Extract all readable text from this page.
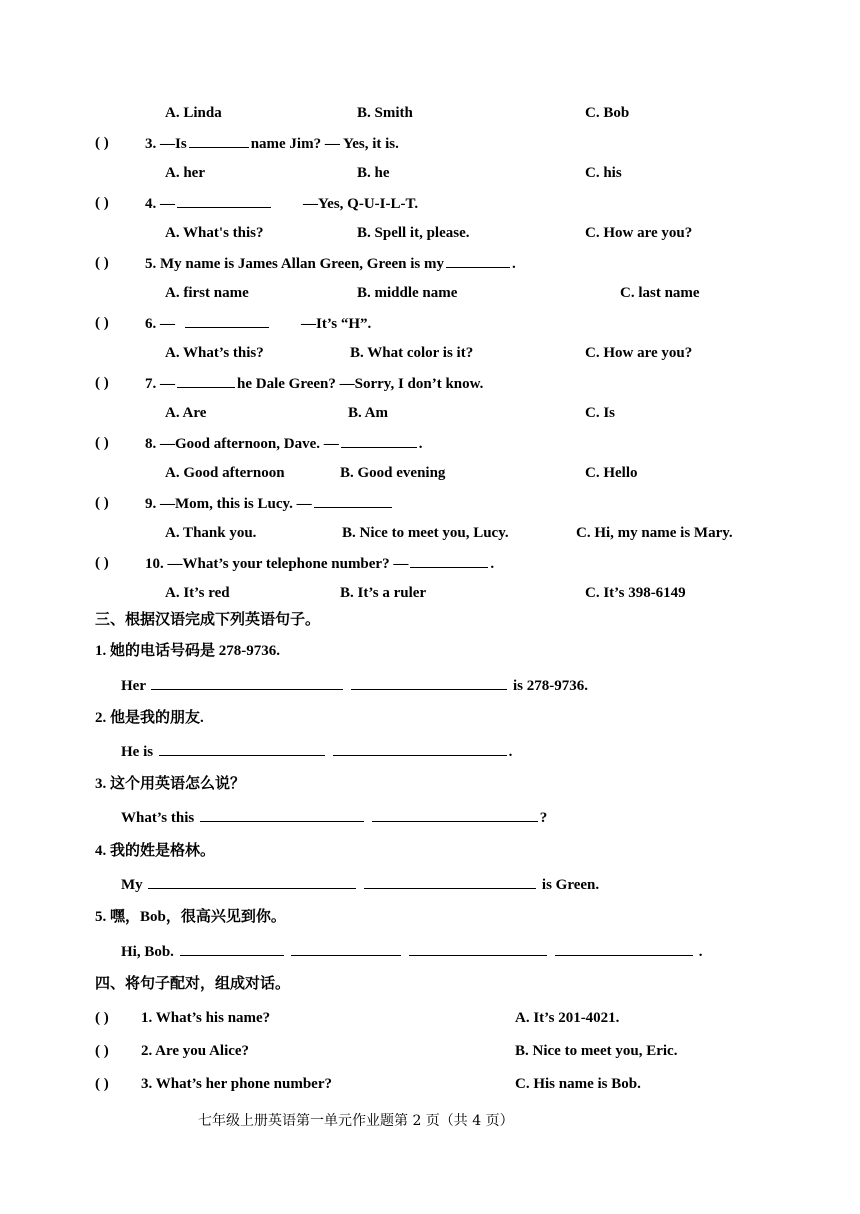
A. Linda	B. Smith	C. Bob
( ) 3. —Is	name Jim? — Yes, it is.
A. her	B. he	C. his
( ) 4. —	—Yes, Q-U-I-L-T.
A. What's this?	B. Spell it, please.	C. How are you?
( ) 5. My name is James Allan Green, Green is my	.
A. first name	B. middle name	C. last name
( ) 6. —	—It’s “H”.
A. What’s this?	B. What color is it?	C. How are you?
( ) 7. —	he Dale Green? —Sorry, I don’t know.
A. Are	B. Am	C. Is
( ) 8. —Good afternoon, Dave. —	.
A. Good afternoon	B. Good evening	C. Hello
( ) 9. —Mom, this is Lucy. —
A. Thank you.	B. Nice to meet you, Lucy.	C. Hi, my name is Mary.
( ) 10. —What’s your telephone number? —	.
A. It’s red	B. It’s a ruler	C. It’s 398-6149
三、根据汉语完成下列英语句子。
1. 她的电话号码是 278-9736.
Her	is 278-9736.
2. 他是我的朋友.
He is	.
3. 这个用英语怎么说？
What’s this	?
4. 我的姓是格林。
My	is Green.
5. 嘿，Bob，很高兴见到你。
Hi, Bob.	.
四、将句子配对，组成对话。
( ) 1. What’s his name?	A. It’s 201-4021.
( ) 2. Are you Alice?	B. Nice to meet you, Eric.
( ) 3. What’s her phone number?	C. His name is Bob.
七年级上册英语第一单元作业题第 2 页（共 4 页）
